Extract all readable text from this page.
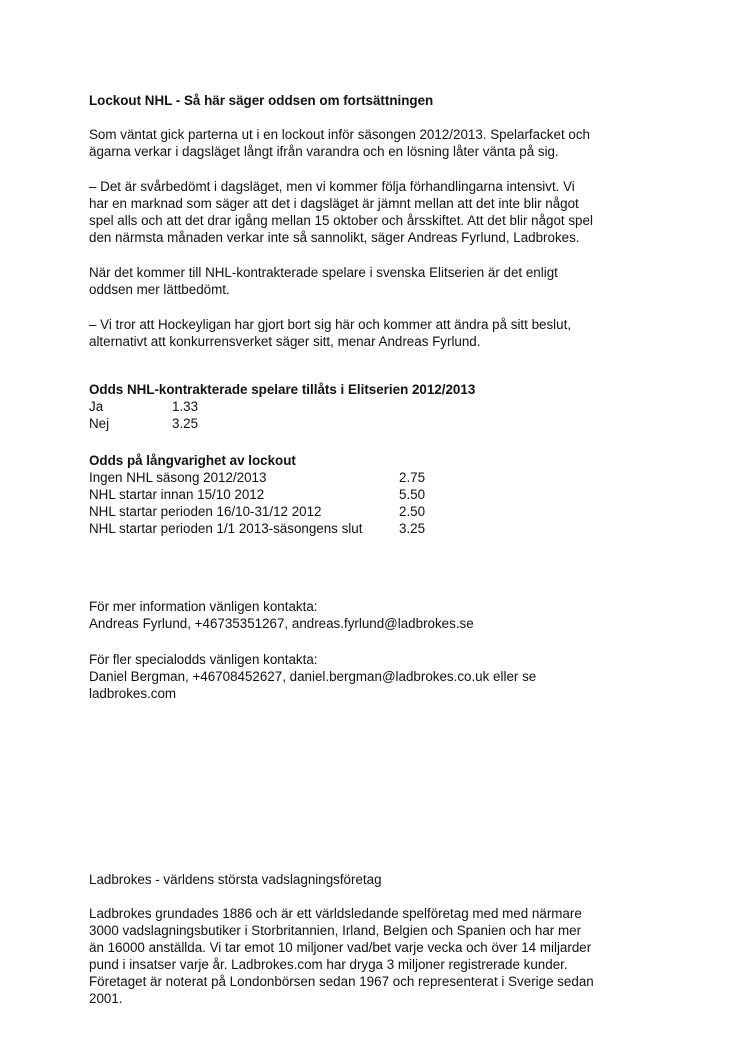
Lockout NHL - Så här säger oddsen om fortsättningen
Som väntat gick parterna ut i en lockout inför säsongen 2012/2013. Spelarfacket och
ägarna verkar i dagsläget långt ifrån varandra och en lösning låter vänta på sig.
– Det är svårbedömt i dagsläget, men vi kommer följa förhandlingarna intensivt. Vi
har en marknad som säger att det i dagsläget är jämnt mellan att det inte blir något
spel alls och att det drar igång mellan 15 oktober och årsskiftet. Att det blir något spel
den närmsta månaden verkar inte så sannolikt, säger Andreas Fyrlund, Ladbrokes.
När det kommer till NHL-kontrakterade spelare i svenska Elitserien är det enligt
oddsen mer lättbedömt.
– Vi tror att Hockeyligan har gjort bort sig här och kommer att ändra på sitt beslut,
alternativt att konkurrensverket säger sitt, menar Andreas Fyrlund.
Odds NHL-kontrakterade spelare tillåts i Elitserien 2012/2013
Ja	1.33
Nej	3.25
Odds på långvarighet av lockout
Ingen NHL säsong 2012/2013	2.75
NHL startar innan 15/10 2012	5.50
NHL startar perioden 16/10-31/12 2012	2.50
NHL startar perioden 1/1 2013-säsongens slut	3.25
För mer information vänligen kontakta:
Andreas Fyrlund, +46735351267, andreas.fyrlund@ladbrokes.se
För fler specialodds vänligen kontakta:
Daniel Bergman, +46708452627, daniel.bergman@ladbrokes.co.uk eller se
ladbrokes.com
Ladbrokes - världens största vadslagningsföretag
Ladbrokes grundades 1886 och är ett världsledande spelföretag med med närmare
3000 vadslagningsbutiker i Storbritannien, Irland, Belgien och Spanien och har mer
än 16000 anställda. Vi tar emot 10 miljoner vad/bet varje vecka och över 14 miljarder
pund i insatser varje år. Ladbrokes.com har dryga 3 miljoner registrerade kunder.
Företaget är noterat på Londonbörsen sedan 1967 och representerat i Sverige sedan
2001.
